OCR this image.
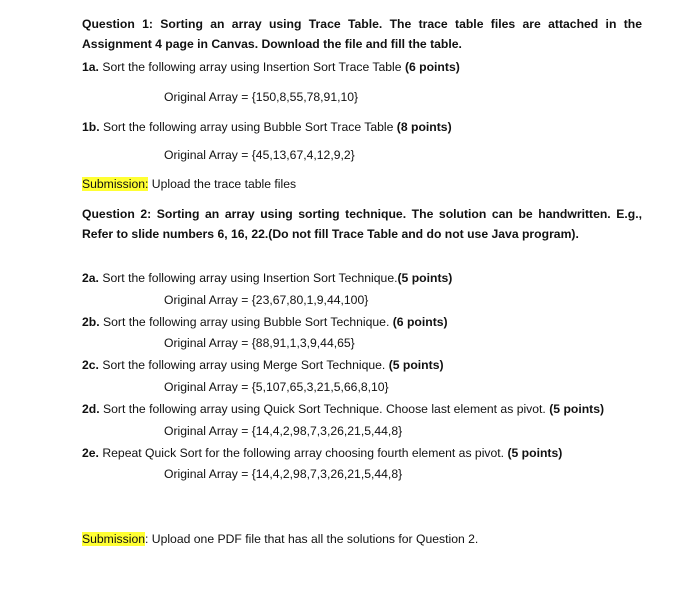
Question 1: Sorting an array using Trace Table. The trace table files are attached in the Assignment 4 page in Canvas. Download the file and fill the table.
1a. Sort the following array using Insertion Sort Trace Table (6 points)
Original Array = {150,8,55,78,91,10}
1b. Sort the following array using Bubble Sort Trace Table (8 points)
Original Array = {45,13,67,4,12,9,2}
Submission: Upload the trace table files
Question 2: Sorting an array using sorting technique. The solution can be handwritten. E.g., Refer to slide numbers 6, 16, 22.(Do not fill Trace Table and do not use Java program).
2a. Sort the following array using Insertion Sort Technique.(5 points)
Original Array = {23,67,80,1,9,44,100}
2b. Sort the following array using Bubble Sort Technique. (6 points)
Original Array = {88,91,1,3,9,44,65}
2c. Sort the following array using Merge Sort Technique. (5 points)
Original Array = {5,107,65,3,21,5,66,8,10}
2d. Sort the following array using Quick Sort Technique. Choose last element as pivot. (5 points)
Original Array = {14,4,2,98,7,3,26,21,5,44,8}
2e. Repeat Quick Sort for the following array choosing fourth element as pivot. (5 points)
Original Array = {14,4,2,98,7,3,26,21,5,44,8}
Submission: Upload one PDF file that has all the solutions for Question 2.
